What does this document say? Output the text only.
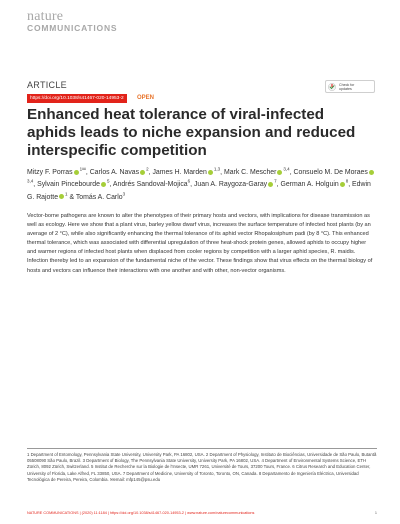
nature
COMMUNICATIONS
ARTICLE
https://doi.org/10.1038/s41467-020-14953-2	OPEN
Check for
updates
Enhanced heat tolerance of viral-infected aphids leads to niche expansion and reduced interspecific competition
Mitzy F. Porras $^{1✉}$, Carlos A. Navas $^2$, James H. Marden $^{1,3}$, Mark C. Mescher $^{3,4}$, Consuelo M. De Moraes$^{3,4}$, Sylvain Pincebourde $^5$, Andrés Sandoval-Mojica$^6$, Juan A. Raygoza-Garay $^7$, German A. Holguin $^8$, Edwin G. Rajotte $^1$ & Tomás A. Carlo$^3$

Vector-borne pathogens are known to alter the phenotypes of their primary hosts and vectors, with implications for disease transmission as well as ecology. Here we show that a plant virus, barley yellow dwarf virus, increases the surface temperature of infected host plants (by an average of 2 °C), while also significantly enhancing the thermal tolerance of its aphid vector Rhopalosiphum padi (by 8 °C). This enhanced thermal tolerance, which was associated with differential upregulation of three heat-shock protein genes, allowed aphids to occupy higher and warmer regions of infected host plants when displaced from cooler regions by competition with a larger aphid species, R. maidis. Infection thereby led to an expansion of the fundamental niche of the vector. These findings show that virus effects on the thermal biology of hosts and vectors can influence their interactions with one another and with other, non-vector organisms.

1 Department of Entomology, Pennsylvania State University, University Park, PA 16802, USA. 2 Department of Physiology, Instituto de Biociências, Universidade de São Paulo, Butantã 05508090 São Paulo, Brazil. 3 Department of Biology, The Pennsylvania State University, University Park, PA 16802, USA. 4 Department of Environmental Systems Science, ETH Zürich, 8092 Zürich, Switzerland. 5 Institut de Recherche sur la Biologie de l'Insecte, UMR 7261, Université de Tours, 37200 Tours, France. 6 Citrus Research and Education Center, University of Florida, Lake Alfred, FL 33850, USA. 7 Department of Medicine, University of Toronto, Toronto, ON, Canada. 8 Departamento de Ingeniería Eléctrica, Universidad Tecnológica de Pereira, Pereira, Colombia. ✉email: mfp145@psu.edu
NATURE COMMUNICATIONS | (2020) 11:1184 | https://doi.org/10.1038/s41467-020-14953-2 | www.nature.com/naturecommunications	1
